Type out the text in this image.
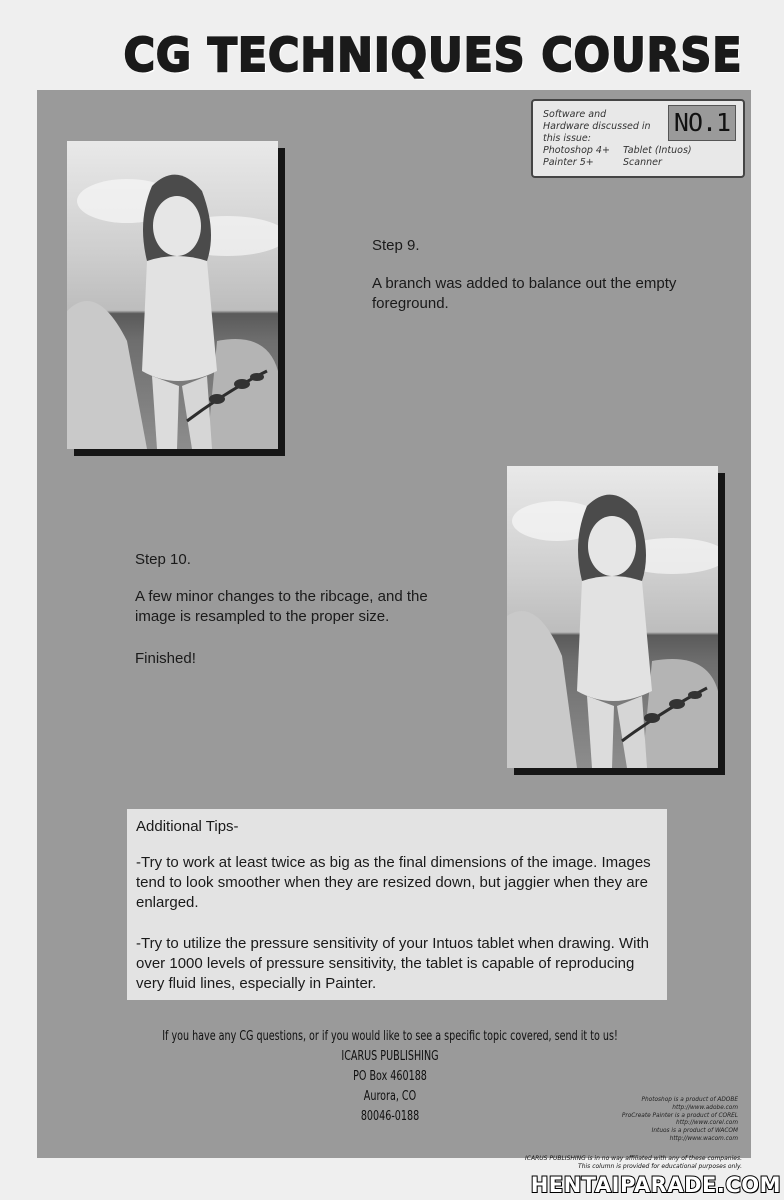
CG TECHNIQUES COURSE
Software and Hardware discussed in this issue:
NO.1
Photoshop 4+
Painter 5+
Tablet (Intuos)
Scanner
Step 9.
A branch was added to balance out the empty foreground.
Step 10.
A few minor changes to the ribcage, and the image is resampled to the proper size.
Finished!
Additional Tips-
-Try to work at least twice as big as the final dimensions of the image. Images tend to look smoother when they are resized down, but jaggier when they are enlarged.
-Try to utilize the pressure sensitivity of your Intuos tablet when drawing. With over 1000 levels of pressure sensitivity, the tablet is capable of reproducing very fluid lines, especially in Painter.
If you have any CG questions, or if you would like to see a specific topic covered, send it to us!
ICARUS PUBLISHING
PO Box 460188
Aurora, CO
80046-0188
Photoshop is a product of ADOBE
http://www.adobe.com
ProCreate Painter is a product of COREL
http://www.corel.com
Intuos is a product of WACOM
http://www.wacom.com
ICARUS PUBLISHING is in no way affiliated with any of these companies.
This column is provided for educational purposes only.
HENTAIPARADE.COM
